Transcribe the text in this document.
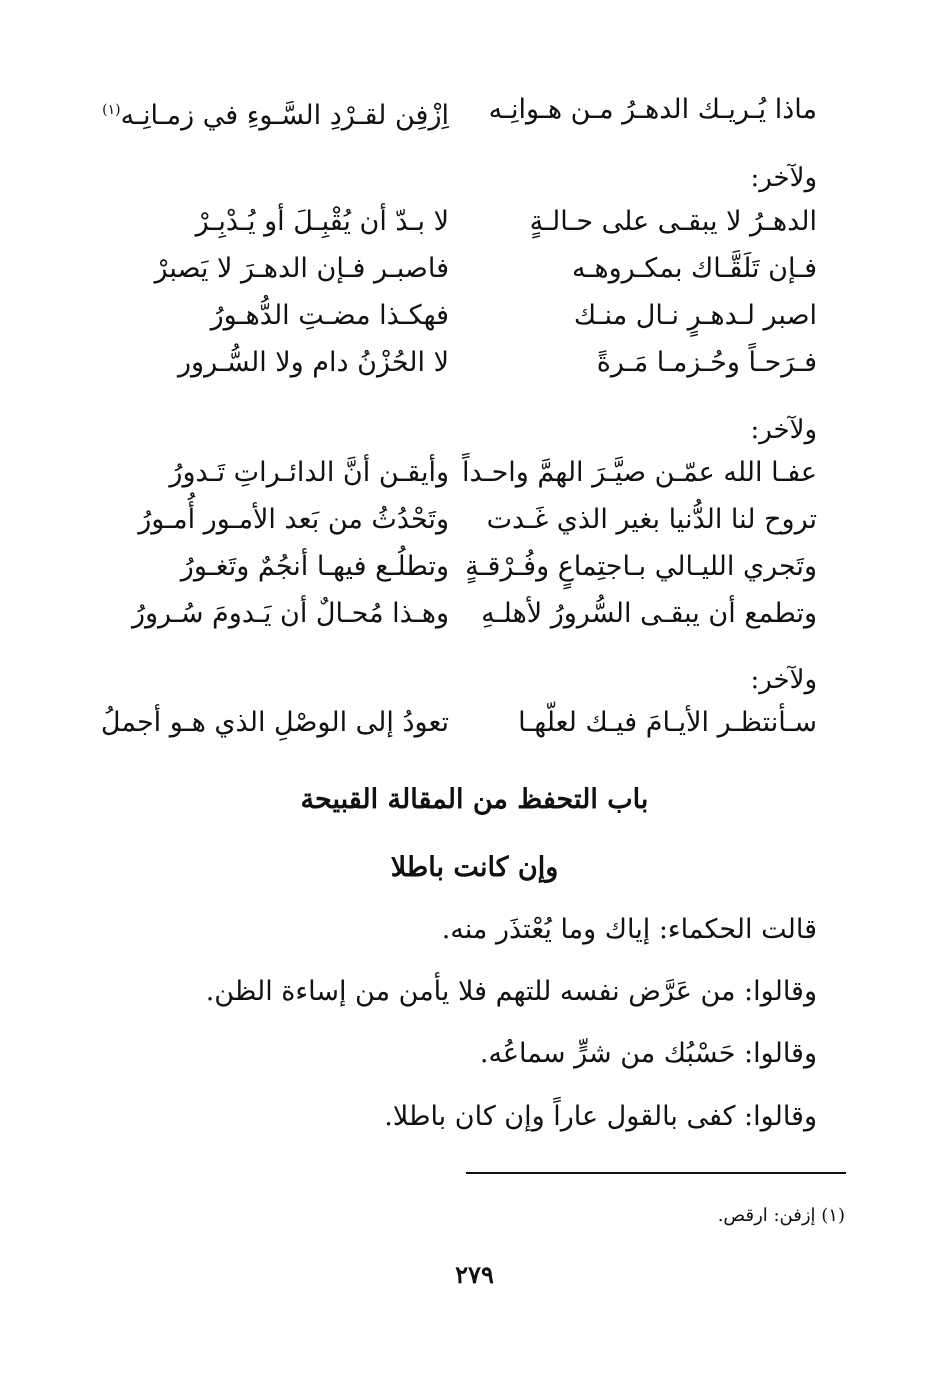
ماذا يُـريـك الدهـرُ مـن هـوانِـه
اِزْفِن لقـرْدِ السَّـوءِ في زمـانِـه$^{(١)}$
ولآخر:
الدهـرُ لا يبقـى على حـالـةٍ
لا بـدّ أن يُقْبِـلَ أو يُـدْبِـرْ
فـإن تَلَقَّـاك بمكـروهـه
فاصبـر فـإن الدهـرَ لا يَصبرْ
اصبر لـدهـرٍ نـال منـك
فهكـذا مضـتِ الدُّهـورُ
فـرَحـاً وحُـزمـا مَـرةً
لا الحُزْنُ دام ولا السُّـرور
ولآخر:
عفـا الله عمّـن صيَّـرَ الهمَّ واحـداً
وأيقـن أنَّ الدائـراتِ تَـدورُ
تروح لنا الدُّنيا بغير الذي غَـدت
وتَحْدُثُ من بَعد الأمـور أُمـورُ
وتَجري الليـالي بـاجتِماعٍ وفُـرْقـةٍ
وتطلُـع فيهـا أنجُمٌ وتَغـورُ
وتطمع أن يبقـى السُّرورُ لأهلـهِ
وهـذا مُحـالٌ أن يَـدومَ سُـرورُ
ولآخر:
سـأنتظـر الأيـامَ فيـك لعلّهـا
تعودُ إلى الوصْلِ الذي هـو أجملُ
باب التحفظ من المقالة القبيحة
وإن كانت باطلا
قالت الحكماء: إياك وما يُعْتذَر منه.
وقالوا: من عَرَّض نفسه للتهم فلا يأمن من إساءة الظن.
وقالوا: حَسْبُك من شرٍّ سماعُه.
وقالوا: كفى بالقول عاراً وإن كان باطلا.
(١) إزفن: ارقص.
٢٧٩
